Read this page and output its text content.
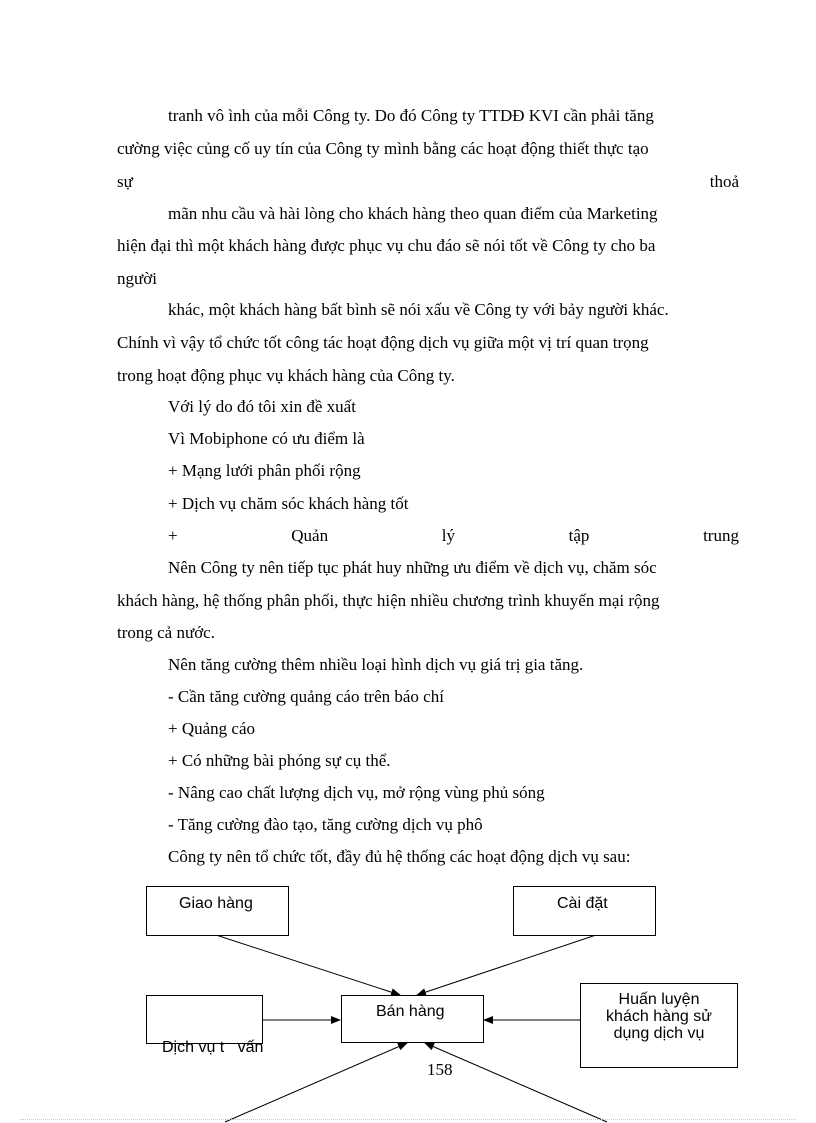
tranh vô ình của mỗi Công ty. Do đó Công ty TTDĐ KVI cần phải tăng
cường việc củng cố uy tín của Công ty mình bằng các hoạt động thiết thực tạo
sự	thoả
mãn nhu cầu và hài lòng cho khách hàng theo quan điểm của Marketing
hiện đại thì một khách hàng được phục vụ chu đáo sẽ nói tốt về Công ty cho ba
người
khác, một khách hàng bất bình sẽ nói xấu về Công ty với bảy người khác.
Chính vì vậy tổ chức tốt công tác hoạt động dịch vụ giữa một vị trí quan trọng
trong hoạt động phục vụ khách hàng của Công ty.
Với lý do đó tôi xin đề xuất
Vì Mobiphone có ưu điểm là
+ Mạng lưới phân phối rộng
+ Dịch vụ chăm sóc khách hàng tốt
+	Quản	lý	tập	trung
Nên Công ty nên tiếp tục phát huy những ưu điểm về dịch vụ, chăm sóc
khách hàng, hệ thống phân phối, thực hiện nhiều chương trình khuyến mại rộng
trong cả nước.
Nên tăng cường thêm nhiều loại hình dịch vụ giá trị gia tăng.
- Cần tăng cường quảng cáo trên báo chí
+ Quảng cáo
+ Có những bài phóng sự cụ thể.
- Nâng cao chất lượng dịch vụ, mở rộng vùng phủ sóng
- Tăng cường đào tạo, tăng cường dịch vụ phô
Công ty nên tổ chức tốt, đầy đủ hệ thống các hoạt động dịch vụ sau:
Giao hàng	Cài đặt

Dịch vụ t   vấn

Bán hàng
Huấn luyện
khách hàng sử
dụng dịch vụ
158
